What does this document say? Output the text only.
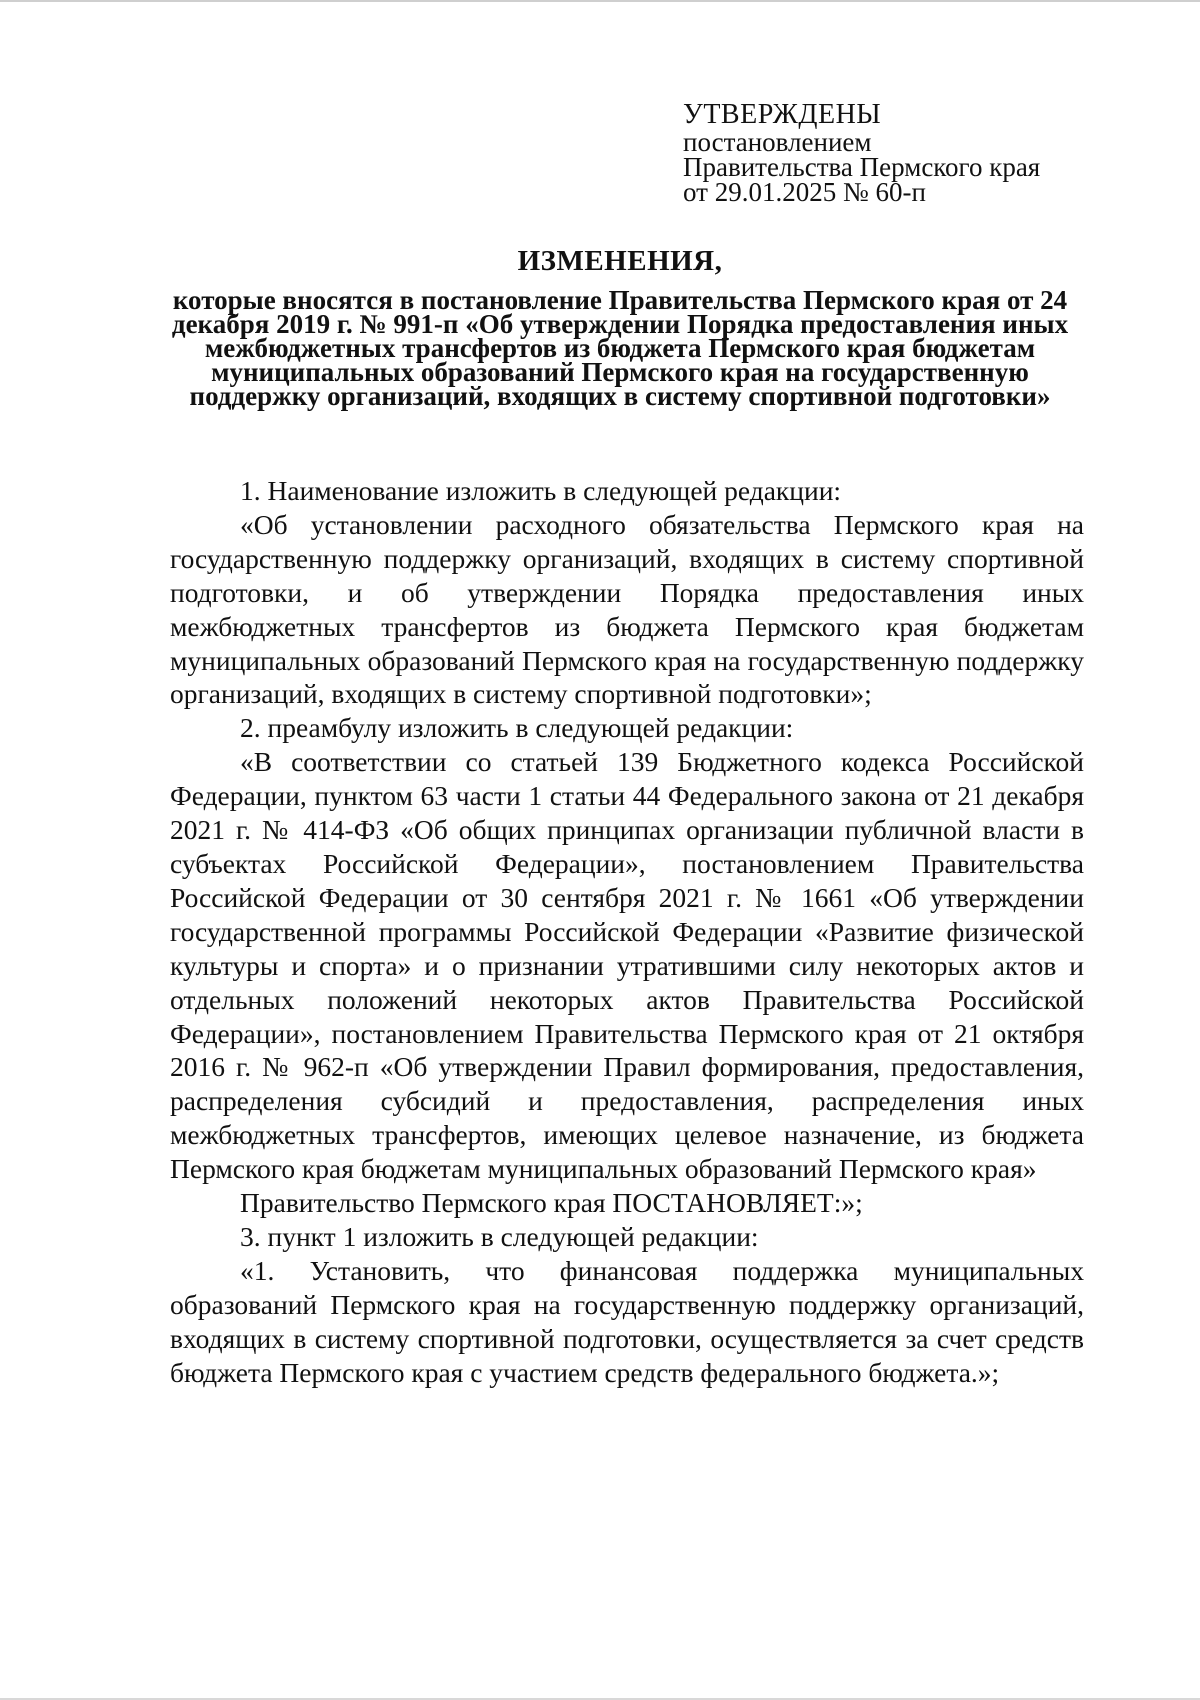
УТВЕРЖДЕНЫ
постановлением
Правительства Пермского края
от 29.01.2025 № 60-п
ИЗМЕНЕНИЯ,

которые вносятся в постановление Правительства Пермского края от 24 декабря 2019 г. № 991-п «Об утверждении Порядка предоставления иных межбюджетных трансфертов из бюджета Пермского края бюджетам муниципальных образований Пермского края на государственную поддержку организаций, входящих в систему спортивной подготовки»

1. Наименование изложить в следующей редакции:

«Об установлении расходного обязательства Пермского края на государственную поддержку организаций, входящих в систему спортивной подготовки, и об утверждении Порядка предоставления иных межбюджетных трансфертов из бюджета Пермского края бюджетам муниципальных образований Пермского края на государственную поддержку организаций, входящих в систему спортивной подготовки»;

2. преамбулу изложить в следующей редакции:

«В соответствии со статьей 139 Бюджетного кодекса Российской Федерации, пунктом 63 части 1 статьи 44 Федерального закона от 21 декабря 2021 г. № 414-ФЗ «Об общих принципах организации публичной власти в субъектах Российской Федерации», постановлением Правительства Российской Федерации от 30 сентября 2021 г. № 1661 «Об утверждении государственной программы Российской Федерации «Развитие физической культуры и спорта» и о признании утратившими силу некоторых актов и отдельных положений некоторых актов Правительства Российской Федерации», постановлением Правительства Пермского края от 21 октября 2016 г. № 962-п «Об утверждении Правил формирования, предоставления, распределения субсидий и предоставления, распределения иных межбюджетных трансфертов, имеющих целевое назначение, из бюджета Пермского края бюджетам муниципальных образований Пермского края»

Правительство Пермского края ПОСТАНОВЛЯЕТ:»;

3. пункт 1 изложить в следующей редакции:

«1. Установить, что финансовая поддержка муниципальных образований Пермского края на государственную поддержку организаций, входящих в систему спортивной подготовки, осуществляется за счет средств бюджета Пермского края с участием средств федерального бюджета.»;
